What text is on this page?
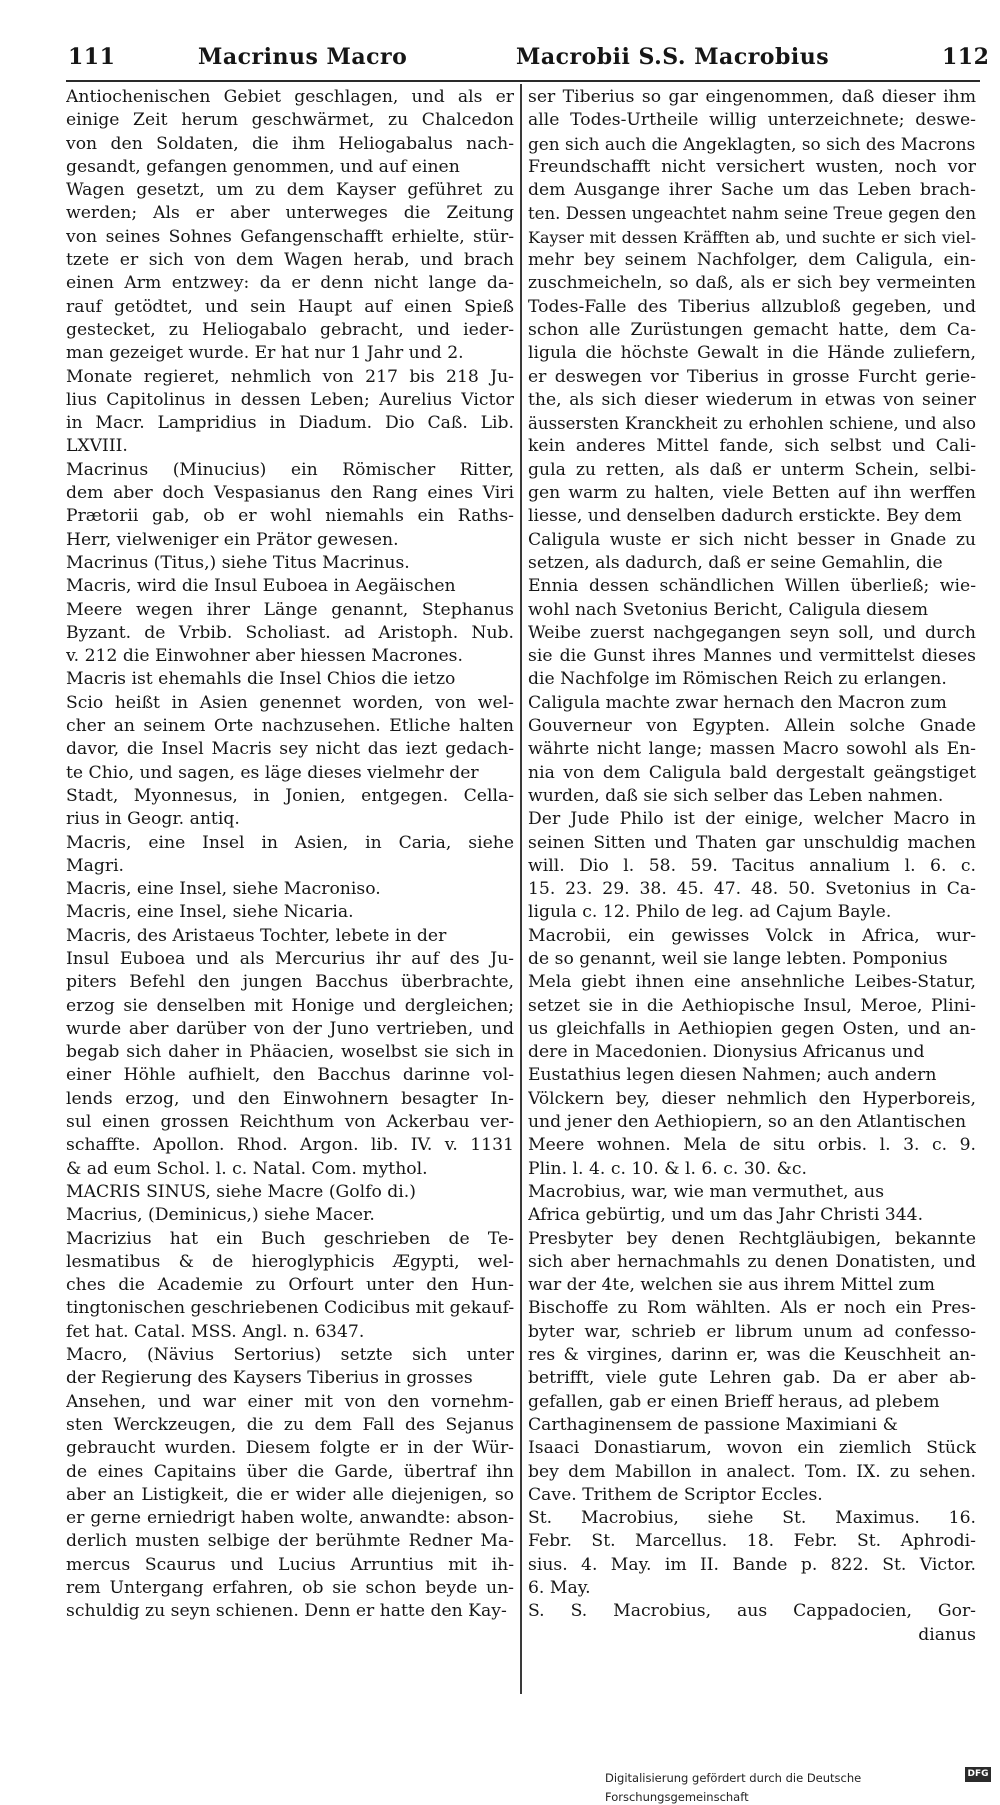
111	Macrinus Macro	Macrobii S.S. Macrobius	112
Antiochenischen Gebiet geschlagen, und als er
einige Zeit herum geschwärmet, zu Chalcedon
von den Soldaten, die ihm Heliogabalus nach-
gesandt, gefangen genommen, und auf einen
Wagen gesetzt, um zu dem Kayser geführet zu
werden; Als er aber unterweges die Zeitung
von seines Sohnes Gefangenschafft erhielte, stür-
tzete er sich von dem Wagen herab, und brach
einen Arm entzwey: da er denn nicht lange da-
rauf getödtet, und sein Haupt auf einen Spieß
gestecket, zu Heliogabalo gebracht, und ieder-
man gezeiget wurde. Er hat nur 1 Jahr und 2.
Monate regieret, nehmlich von 217 bis 218 Ju-
lius Capitolinus in dessen Leben; Aurelius Victor
in Macr. Lampridius in Diadum. Dio Caß. Lib.
LXVIII.
Macrinus (Minucius) ein Römischer Ritter,
dem aber doch Vespasianus den Rang eines Viri
Prætorii gab, ob er wohl niemahls ein Raths-
Herr, vielweniger ein Prätor gewesen.
Macrinus (Titus,) siehe Titus Macrinus.
Macris, wird die Insul Euboea in Aegäischen
Meere wegen ihrer Länge genannt, Stephanus
Byzant. de Vrbib. Scholiast. ad Aristoph. Nub.
v. 212 die Einwohner aber hiessen Macrones.
Macris ist ehemahls die Insel Chios die ietzo
Scio heißt in Asien genennet worden, von wel-
cher an seinem Orte nachzusehen. Etliche halten
davor, die Insel Macris sey nicht das iezt gedach-
te Chio, und sagen, es läge dieses vielmehr der
Stadt, Myonnesus, in Jonien, entgegen. Cella-
rius in Geogr. antiq.
Macris, eine Insel in Asien, in Caria, siehe
Magri.
Macris, eine Insel, siehe Macroniso.
Macris, eine Insel, siehe Nicaria.
Macris, des Aristaeus Tochter, lebete in der
Insul Euboea und als Mercurius ihr auf des Ju-
piters Befehl den jungen Bacchus überbrachte,
erzog sie denselben mit Honige und dergleichen;
wurde aber darüber von der Juno vertrieben, und
begab sich daher in Phäacien, woselbst sie sich in
einer Höhle aufhielt, den Bacchus darinne vol-
lends erzog, und den Einwohnern besagter In-
sul einen grossen Reichthum von Ackerbau ver-
schaffte. Apollon. Rhod. Argon. lib. IV. v. 1131
& ad eum Schol. l. c. Natal. Com. mythol.
MACRIS SINUS, siehe Macre (Golfo di.)
Macrius, (Deminicus,) siehe Macer.
Macrizius hat ein Buch geschrieben de Te-
lesmatibus & de hieroglyphicis Ægypti, wel-
ches die Academie zu Orfourt unter den Hun-
tingtonischen geschriebenen Codicibus mit gekauf-
fet hat. Catal. MSS. Angl. n. 6347.
Macro, (Nävius Sertorius) setzte sich unter
der Regierung des Kaysers Tiberius in grosses
Ansehen, und war einer mit von den vornehm-
sten Werckzeugen, die zu dem Fall des Sejanus
gebraucht wurden. Diesem folgte er in der Wür-
de eines Capitains über die Garde, übertraf ihn
aber an Listigkeit, die er wider alle diejenigen, so
er gerne erniedrigt haben wolte, anwandte: abson-
derlich musten selbige der berühmte Redner Ma-
mercus Scaurus und Lucius Arruntius mit ih-
rem Untergang erfahren, ob sie schon beyde un-
schuldig zu seyn schienen. Denn er hatte den Kay-
ser Tiberius so gar eingenommen, daß dieser ihm
alle Todes-Urtheile willig unterzeichnete; deswe-
gen sich auch die Angeklagten, so sich des Macrons
Freundschafft nicht versichert wusten, noch vor
dem Ausgange ihrer Sache um das Leben brach-
ten. Dessen ungeachtet nahm seine Treue gegen den
Kayser mit dessen Kräfften ab, und suchte er sich viel-
mehr bey seinem Nachfolger, dem Caligula, ein-
zuschmeicheln, so daß, als er sich bey vermeinten
Todes-Falle des Tiberius allzubloß gegeben, und
schon alle Zurüstungen gemacht hatte, dem Ca-
ligula die höchste Gewalt in die Hände zuliefern,
er deswegen vor Tiberius in grosse Furcht gerie-
the, als sich dieser wiederum in etwas von seiner
äussersten Kranckheit zu erhohlen schiene, und also
kein anderes Mittel fande, sich selbst und Cali-
gula zu retten, als daß er unterm Schein, selbi-
gen warm zu halten, viele Betten auf ihn werffen
liesse, und denselben dadurch erstickte. Bey dem
Caligula wuste er sich nicht besser in Gnade zu
setzen, als dadurch, daß er seine Gemahlin, die
Ennia dessen schändlichen Willen überließ; wie-
wohl nach Svetonius Bericht, Caligula diesem
Weibe zuerst nachgegangen seyn soll, und durch
sie die Gunst ihres Mannes und vermittelst dieses
die Nachfolge im Römischen Reich zu erlangen.
Caligula machte zwar hernach den Macron zum
Gouverneur von Egypten. Allein solche Gnade
währte nicht lange; massen Macro sowohl als En-
nia von dem Caligula bald dergestalt geängstiget
wurden, daß sie sich selber das Leben nahmen.
Der Jude Philo ist der einige, welcher Macro in
seinen Sitten und Thaten gar unschuldig machen
will. Dio l. 58. 59. Tacitus annalium l. 6. c.
15. 23. 29. 38. 45. 47. 48. 50. Svetonius in Ca-
ligula c. 12. Philo de leg. ad Cajum Bayle.
Macrobii, ein gewisses Volck in Africa, wur-
de so genannt, weil sie lange lebten. Pomponius
Mela giebt ihnen eine ansehnliche Leibes-Statur,
setzet sie in die Aethiopische Insul, Meroe, Plini-
us gleichfalls in Aethiopien gegen Osten, und an-
dere in Macedonien. Dionysius Africanus und
Eustathius legen diesen Nahmen; auch andern
Völckern bey, dieser nehmlich den Hyperboreis,
und jener den Aethiopiern, so an den Atlantischen
Meere wohnen. Mela de situ orbis. l. 3. c. 9.
Plin. l. 4. c. 10. & l. 6. c. 30. &c.
Macrobius, war, wie man vermuthet, aus
Africa gebürtig, und um das Jahr Christi 344.
Presbyter bey denen Rechtgläubigen, bekannte
sich aber hernachmahls zu denen Donatisten, und
war der 4te, welchen sie aus ihrem Mittel zum
Bischoffe zu Rom wählten. Als er noch ein Pres-
byter war, schrieb er librum unum ad confesso-
res & virgines, darinn er, was die Keuschheit an-
betrifft, viele gute Lehren gab. Da er aber ab-
gefallen, gab er einen Brieff heraus, ad plebem
Carthaginensem de passione Maximiani &
Isaaci Donastiarum, wovon ein ziemlich Stück
bey dem Mabillon in analect. Tom. IX. zu sehen.
Cave. Trithem de Scriptor Eccles.
St. Macrobius, siehe St. Maximus. 16.
Febr. St. Marcellus. 18. Febr. St. Aphrodi-
sius. 4. May. im II. Bande p. 822. St. Victor.
6. May.
S. S. Macrobius, aus Cappadocien, Gor-
dianus
Digitalisierung gefördert durch die Deutsche Forschungsgemeinschaft
DFG
